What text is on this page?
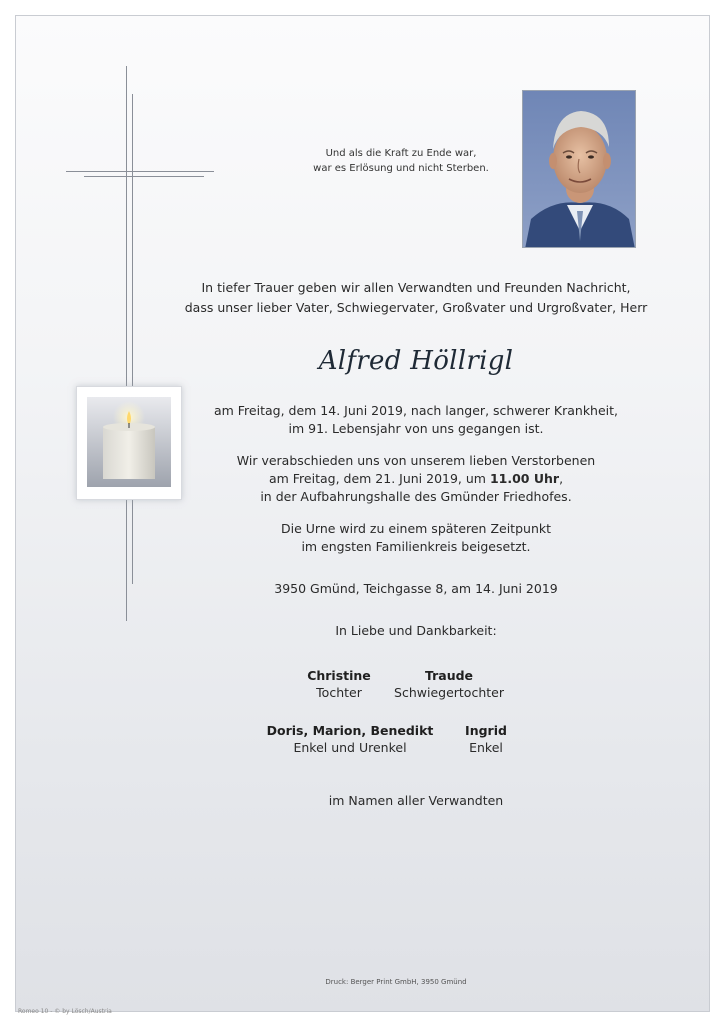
Und als die Kraft zu Ende war,
war es Erlösung und nicht Sterben.
In tiefer Trauer geben wir allen Verwandten und Freunden Nachricht,
dass unser lieber Vater, Schwiegervater, Großvater und Urgroßvater, Herr
Alfred Höllrigl
am Freitag, dem 14. Juni 2019, nach langer, schwerer Krankheit,
im 91. Lebensjahr von uns gegangen ist.
Wir verabschieden uns von unserem lieben Verstorbenen
am Freitag, dem 21. Juni 2019, um 11.00 Uhr,
in der Aufbahrungshalle des Gmünder Friedhofes.
Die Urne wird zu einem späteren Zeitpunkt
im engsten Familienkreis beigesetzt.
3950 Gmünd, Teichgasse 8, am 14. Juni 2019
In Liebe und Dankbarkeit:
Christine
Tochter
Traude
Schwiegertochter
Doris, Marion, Benedikt
Enkel und Urenkel
Ingrid
Enkel
im Namen aller Verwandten
Druck: Berger Print GmbH, 3950 Gmünd
Romeo 10 - © by Lösch/Austria
